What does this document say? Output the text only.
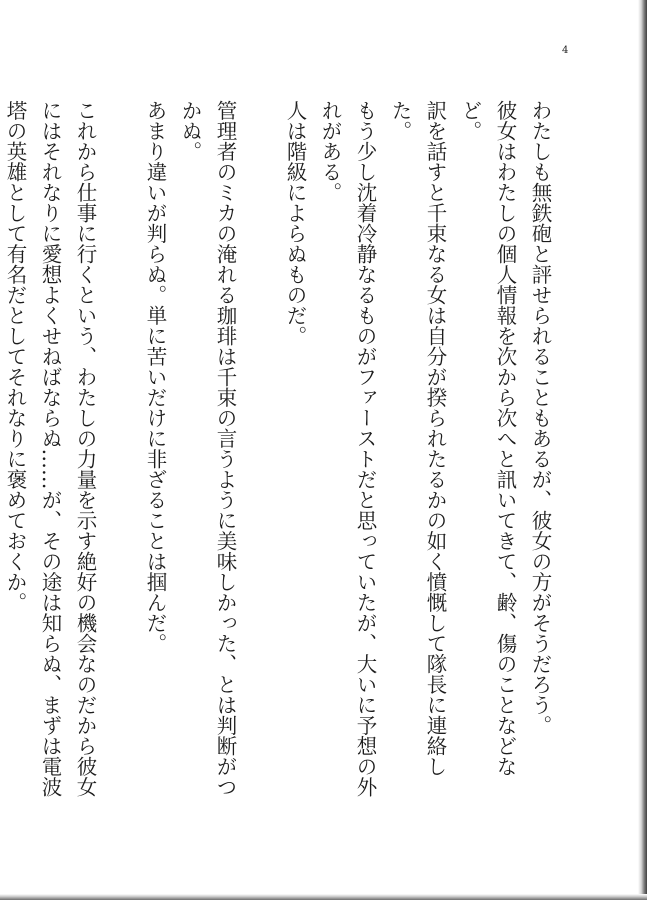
4

わたしも無鉄砲と評せられることもあるが、彼女の方がそうだろう。

彼女はわたしの個人情報を次から次へと訊いてきて、齢、傷のことなどなど。

訳を話すと千束なる女は自分が揆られたるかの如く憤慨して隊長に連絡した。

もう少し沈着冷静なるものがファーストだと思っていたが、大いに予想の外れがある。

人は階級によらぬものだ。

管理者のミカの淹れる珈琲は千束の言うように美味しかった、とは判断がつかぬ。

あまり違いが判らぬ。単に苦いだけに非ざることは掴んだ。

これから仕事に行くという、わたしの力量を示す絶好の機会なのだから彼女にはそれなりに愛想よくせねばならぬ……が、その途は知らぬ、まずは電波塔の英雄として有名だとしてそれなりに褒めておくか。
